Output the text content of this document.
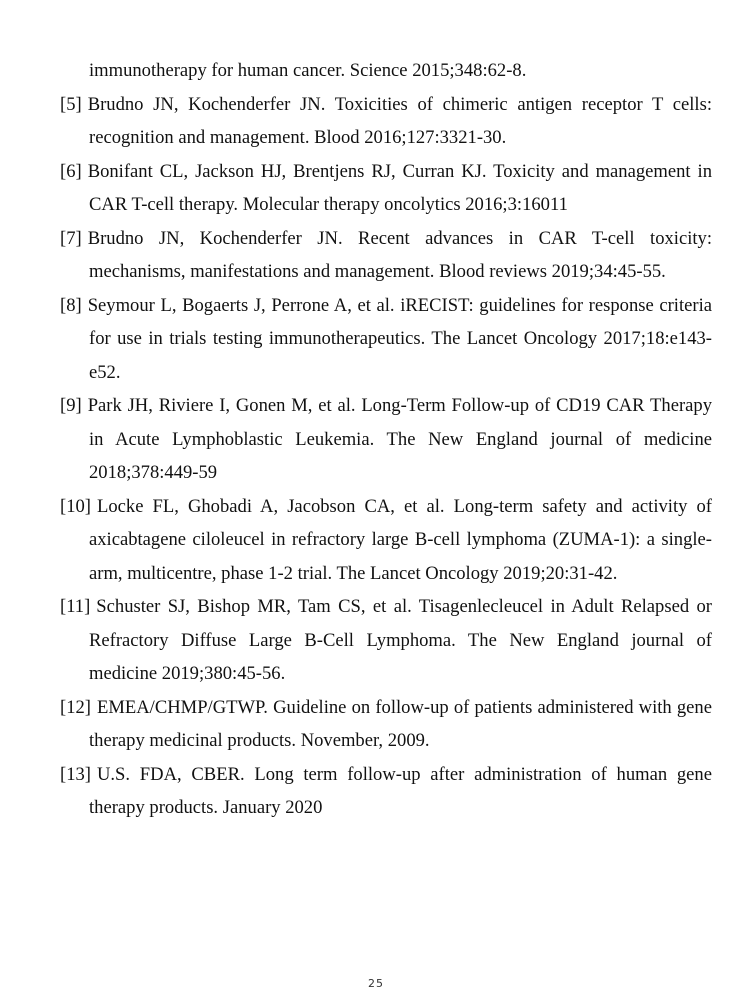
immunotherapy for human cancer. Science 2015;348:62-8.

[5] Brudno JN, Kochenderfer JN. Toxicities of chimeric antigen receptor T cells: recognition and management. Blood 2016;127:3321-30.

[6] Bonifant CL, Jackson HJ, Brentjens RJ, Curran KJ. Toxicity and management in CAR T-cell therapy. Molecular therapy oncolytics 2016;3:16011

[7] Brudno JN, Kochenderfer JN. Recent advances in CAR T-cell toxicity: mechanisms, manifestations and management. Blood reviews 2019;34:45-55.

[8] Seymour L, Bogaerts J, Perrone A, et al. iRECIST: guidelines for response criteria for use in trials testing immunotherapeutics. The Lancet Oncology 2017;18:e143-e52.

[9] Park JH, Riviere I, Gonen M, et al. Long-Term Follow-up of CD19 CAR Therapy in Acute Lymphoblastic Leukemia. The New England journal of medicine 2018;378:449-59

[10] Locke FL, Ghobadi A, Jacobson CA, et al. Long-term safety and activity of axicabtagene ciloleucel in refractory large B-cell lymphoma (ZUMA-1): a single-arm, multicentre, phase 1-2 trial. The Lancet Oncology 2019;20:31-42.

[11] Schuster SJ, Bishop MR, Tam CS, et al. Tisagenlecleucel in Adult Relapsed or Refractory Diffuse Large B-Cell Lymphoma. The New England journal of medicine 2019;380:45-56.

[12] EMEA/CHMP/GTWP. Guideline on follow-up of patients administered with gene therapy medicinal products. November, 2009.

[13] U.S. FDA, CBER. Long term follow-up after administration of human gene therapy products. January 2020

25
